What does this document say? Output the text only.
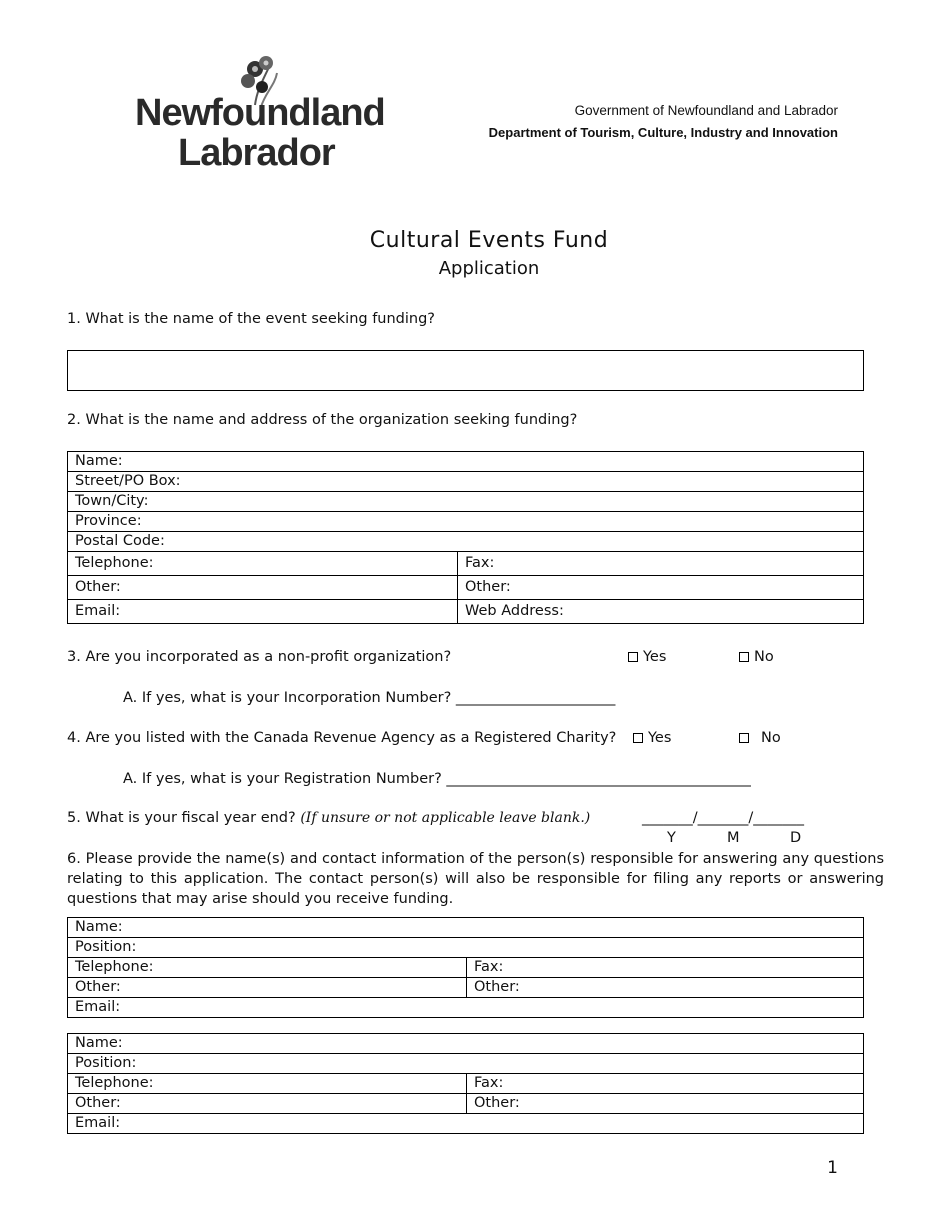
Newfoundland
Labrador
Government of Newfoundland and Labrador
Department of Tourism, Culture, Industry and Innovation
Cultural Events Fund
Application
1. What is the name of the event seeking funding?
2. What is the name and address of the organization seeking funding?
Name:	
Street/PO Box:	
Town/City:	
Province:	
Postal Code:	
Telephone:	Fax:
Other:	Other:
Email:	Web Address:
3. Are you incorporated as a non-profit organization?	Yes	No
A. If yes, what is your Incorporation Number? ______________________
4. Are you listed with the Canada Revenue Agency as a Registered Charity?	Yes	No
A. If yes, what is your Registration Number? __________________________________________
5. What is your fiscal year end? (If unsure or not applicable leave blank.)	_______/_______/_______
Y	M	D
6. Please provide the name(s) and contact information of the person(s) responsible for answering any questions relating to this application. The contact person(s) will also be responsible for filing any reports or answering questions that may arise should you receive funding.
Name:	
Position:	
Telephone:	Fax:
Other:	Other:
Email:	
Name:	
Position:	
Telephone:	Fax:
Other:	Other:
Email:	
1
